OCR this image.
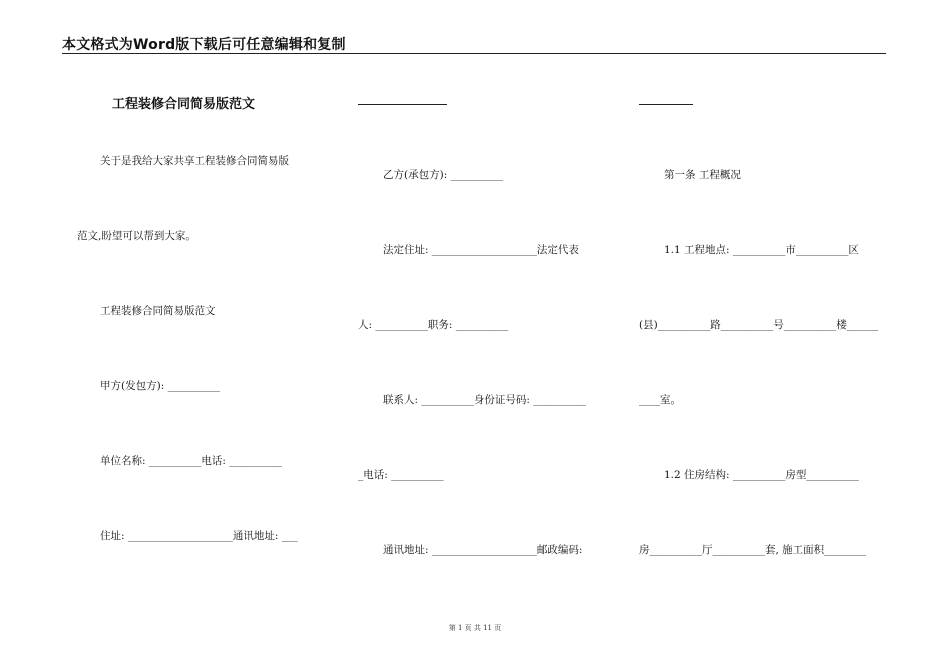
本文格式为Word版下载后可任意编辑和复制
工程装修合同简易版范文
关于是我给大家共享工程装修合同简易版
范文,盼望可以帮到大家。
工程装修合同简易版范文
甲方(发包方): __________
单位名称: __________电话: __________
住址: ____________________通讯地址: ___
乙方(承包方): __________
法定住址: ____________________法定代表
人: __________职务: __________
联系人: __________身份证号码: __________
_电话: __________
通讯地址: ____________________邮政编码:
第一条 工程概况
1.1 工程地点: __________市__________区
(县)__________路__________号__________楼______
____室。
1.2 住房结构: __________房型__________
房__________厅__________套, 施工面积________
第 1 页 共 11 页
